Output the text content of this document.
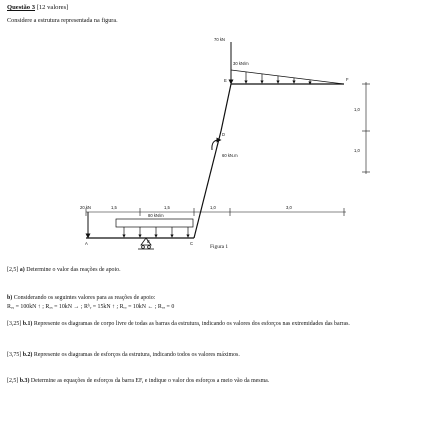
Questão 3 [12 valores]
Considere a estrutura representada na figura.
70 kN
30 kN/m
20 kN
80 kN/m
60 kN.m
A	B	C
D
E	F
1,0
1,0
1,5	1,5	1,0	3,0
Figura 1
[2,5] a) Determine o valor das reações de apoio.
b) Considerando os seguintes valores para as reações de apoio:
Rₐᵧ = 100kN ↑ ; Rₐₓ = 10kN → ; Rᵇᵧ = 15kN ↑ ; Rₑᵧ = 10kN ← ; Rₑₓ = 0
[3,25] b.1) Represente os diagramas de corpo livre de todas as barras da estrutura, indicando os valores dos esforços nas extremidades das barras.
[3,75] b.2) Represente os diagramas de esforços da estrutura, indicando todos os valores máximos.
[2,5] b.3) Determine as equações de esforços da barra EF, e indique o valor dos esforços a meio vão da mesma.
